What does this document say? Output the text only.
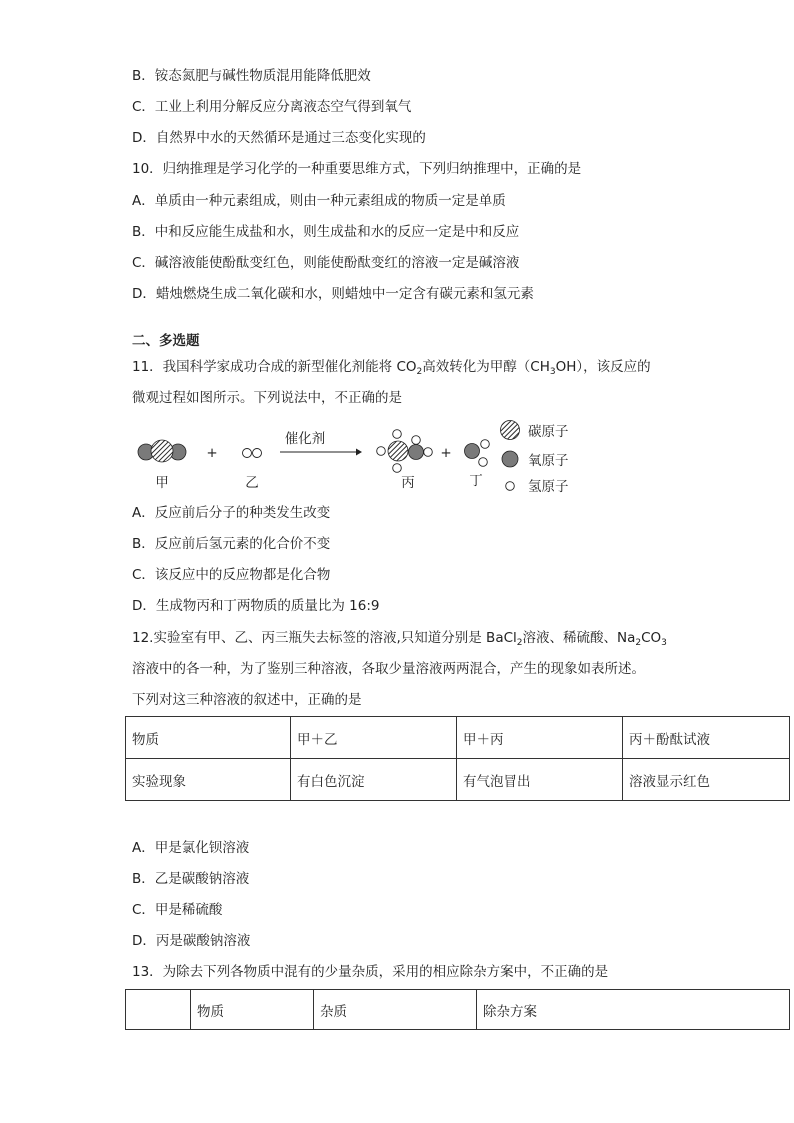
B．铵态氮肥与碱性物质混用能降低肥效
C．工业上利用分解反应分离液态空气得到氧气
D．自然界中水的天然循环是通过三态变化实现的
10．归纳推理是学习化学的一种重要思维方式，下列归纳推理中，正确的是
A．单质由一种元素组成，则由一种元素组成的物质一定是单质
B．中和反应能生成盐和水，则生成盐和水的反应一定是中和反应
C．碱溶液能使酚酞变红色，则能使酚酞变红的溶液一定是碱溶液
D．蜡烛燃烧生成二氧化碳和水，则蜡烛中一定含有碳元素和氢元素
二、多选题
11．我国科学家成功合成的新型催化剂能将 $CO_2$高效转化为甲醇$(CH_3OH)$，该反应的
微观过程如图所示。下列说法中，不正确的是
甲
+
乙
催化剂
丙
+
丁
碳原子
氧原子
氢原子
A．反应前后分子的种类发生改变
B．反应前后氢元素的化合价不变
C．该反应中的反应物都是化合物
D．生成物丙和丁两物质的质量比为 16:9
12.实验室有甲、乙、丙三瓶失去标签的溶液,只知道分别是 BaCl$_2$溶液、稀硫酸、$Na_2CO_3$
溶液中的各一种，为了鉴别三种溶液，各取少量溶液两两混合，产生的现象如表所述。
下列对这三种溶液的叙述中，正确的是
物质	甲＋乙	甲＋丙	丙＋酚酞试液
实验现象	有白色沉淀	有气泡冒出	溶液显示红色
A．甲是氯化钡溶液
B．乙是碳酸钠溶液
C．甲是稀硫酸
D．丙是碳酸钠溶液
13．为除去下列各物质中混有的少量杂质，采用的相应除杂方案中，不正确的是
	物质	杂质	除杂方案
